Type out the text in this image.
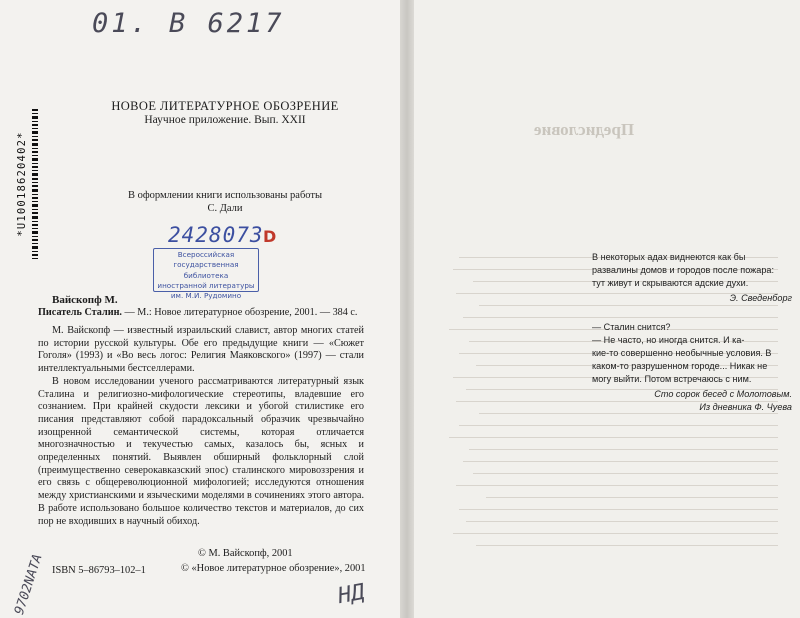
01. B 6217
*U10018620402*
НОВОЕ ЛИТЕРАТУРНОЕ ОБОЗРЕНИЕ
Научное приложение. Вып. XXII
В оформлении книги использованы работы
С. Дали
2428073 D
Всероссийская
государственная библиотека
иностранной литературы
им. М.И. Рудомино
Вайскопф М.
Писатель Сталин. — М.: Новое литературное обозрение, 2001. — 384 с.

М. Вайскопф — известный израильский славист, автор многих статей по истории русской культуры. Обе его предыдущие книги — «Сюжет Гоголя» (1993) и «Во весь логос: Религия Маяковского» (1997) — стали интеллектуальными бестселлерами.

В новом исследовании ученого рассматриваются литературный язык Сталина и религиозно-мифологические стереотипы, владевшие его сознанием. При крайней скудости лексики и убогой стилистике его писания представляют собой парадоксальный образчик чрезвычайно изощренной семантической системы, которая отличается многозначностью и текучестью самых, казалось бы, ясных и определенных понятий. Выявлен обширный фольклорный слой (преимущественно северокавказский эпос) сталинского мировоззрения и его связь с общереволюционной мифологией; исследуются отношения между христианскими и языческими моделями в сочинениях этого автора. В работе использовано большое количество текстов и материалов, до сих пор не входивших в научный обиход.

ISBN 5–86793–102–1
© М. Вайскопф, 2001
© «Новое литературное обозрение», 2001
9702NATA	НД
Предисловие
В некоторых адах виднеются как бы
развалины домов и городов после пожара:
тут живут и скрываются адские духи.
Э. Сведенборг
— Сталин снится?
— Не часто, но иногда снится. И ка-
кие-то совершенно необычные условия. В
каком-то разрушенном городе... Никак не
могу выйти. Потом встречаюсь с ним.
Сто сорок бесед с Молотовым.
Из дневника Ф. Чуева
